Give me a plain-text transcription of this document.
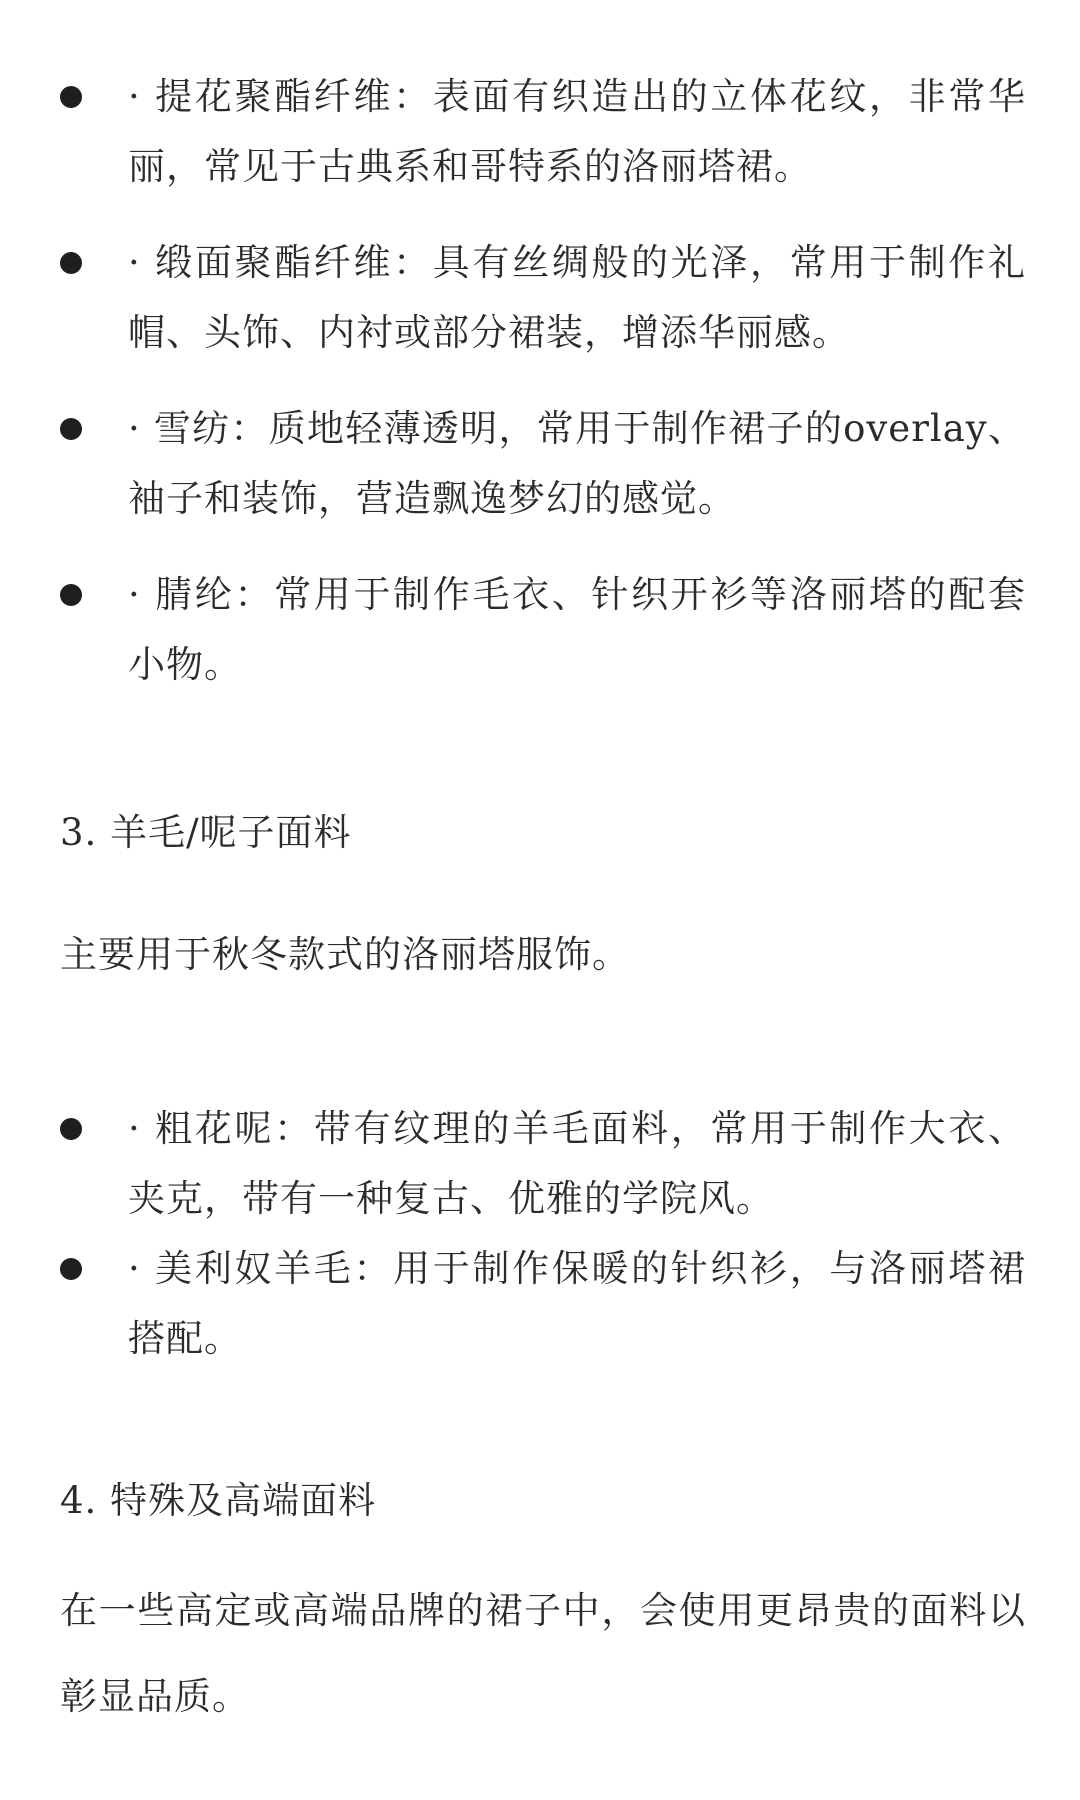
· 提花聚酯纤维：表面有织造出的立体花纹，非常华丽，常见于古典系和哥特系的洛丽塔裙。
· 缎面聚酯纤维：具有丝绸般的光泽，常用于制作礼帽、头饰、内衬或部分裙装，增添华丽感。
· 雪纺：质地轻薄透明，常用于制作裙子的overlay、袖子和装饰，营造飘逸梦幻的感觉。
· 腈纶：常用于制作毛衣、针织开衫等洛丽塔的配套小物。
3. 羊毛/呢子面料
主要用于秋冬款式的洛丽塔服饰。
· 粗花呢：带有纹理的羊毛面料，常用于制作大衣、夹克，带有一种复古、优雅的学院风。
· 美利奴羊毛：用于制作保暖的针织衫，与洛丽塔裙搭配。
4. 特殊及高端面料
在一些高定或高端品牌的裙子中，会使用更昂贵的面料以彰显品质。
